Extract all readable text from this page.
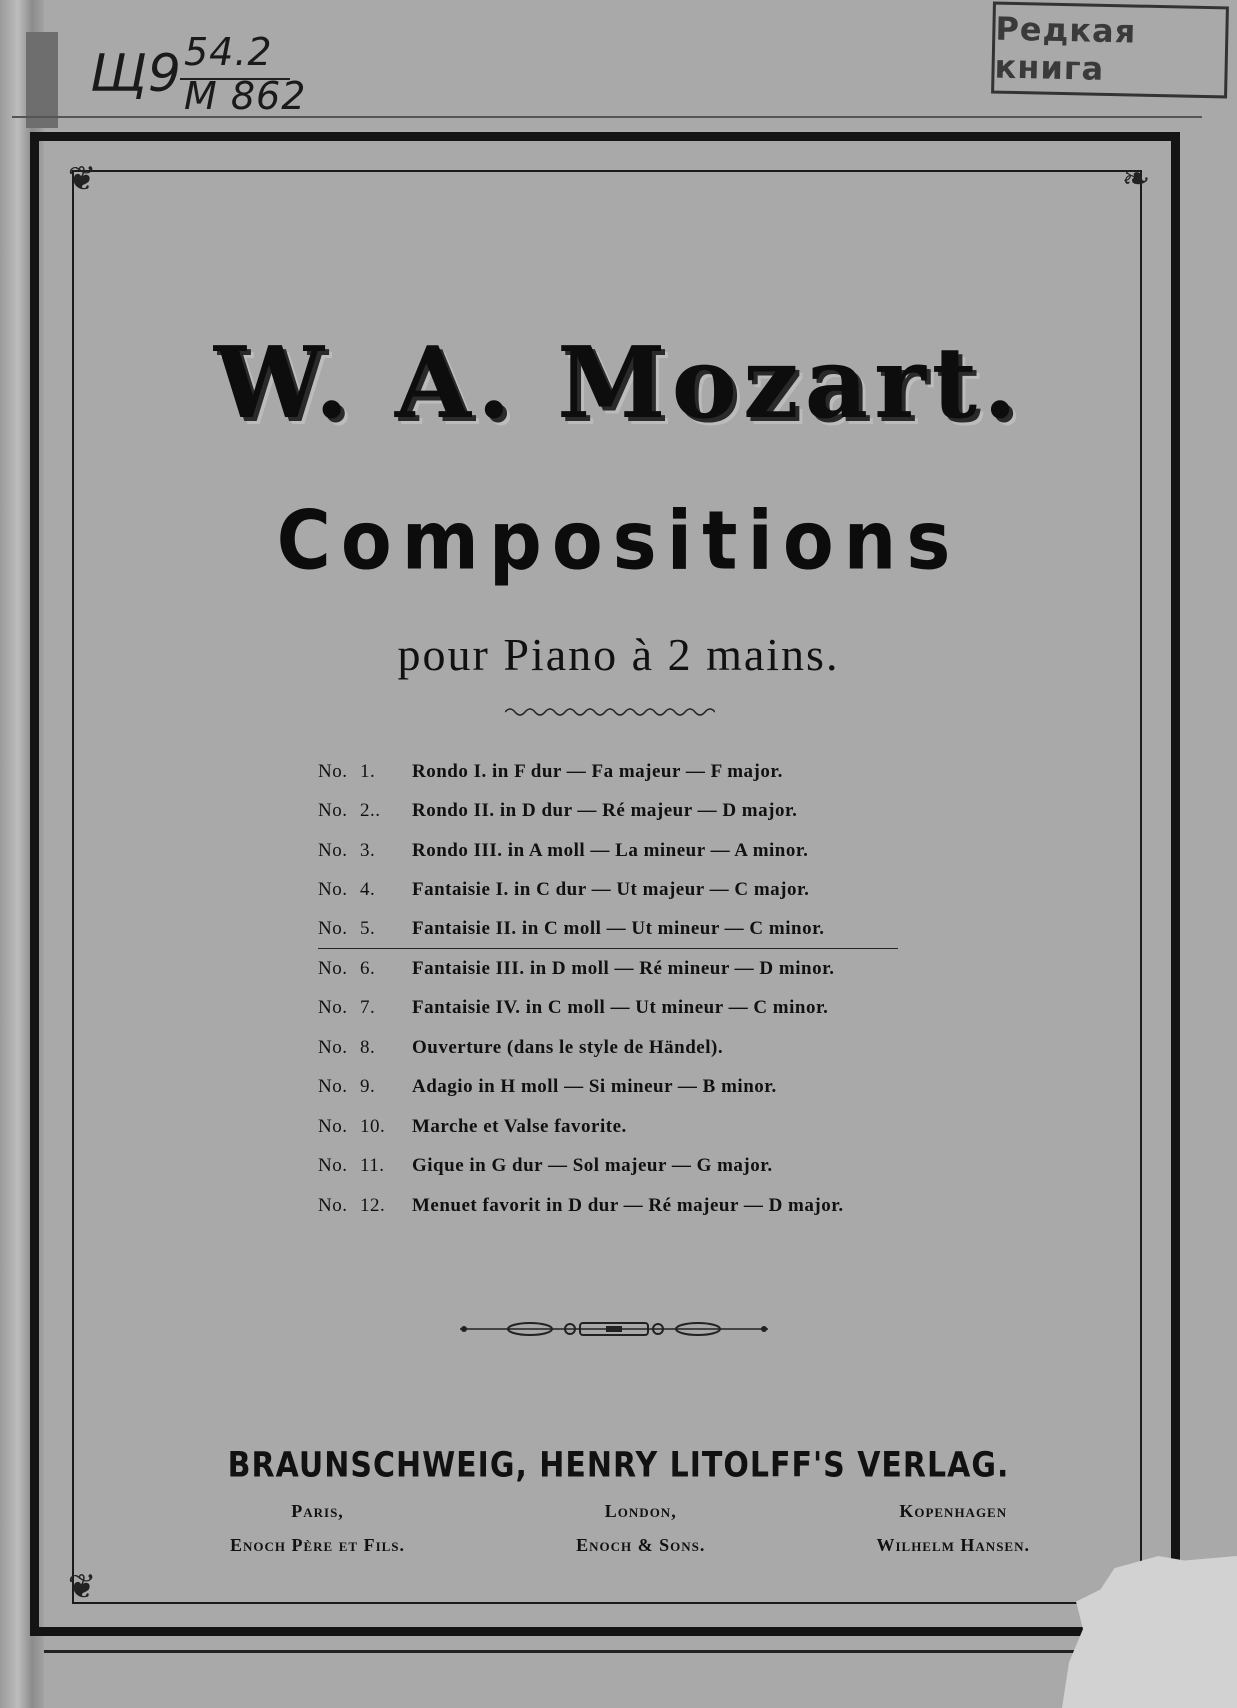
Щ9 54.2
М 862
Редкая книга
❦	❧
❦
W. A. Mozart.
Compositions
pour Piano à 2 mains.
No. 1.	Rondo I. in F dur — Fa majeur — F major.
No. 2..	Rondo II. in D dur — Ré majeur — D major.
No. 3.	Rondo III. in A moll — La mineur — A minor.
No. 4.	Fantaisie I. in C dur — Ut majeur — C major.
No. 5.	Fantaisie II. in C moll — Ut mineur — C minor.
No. 6.	Fantaisie III. in D moll — Ré mineur — D minor.
No. 7.	Fantaisie IV. in C moll — Ut mineur — C minor.
No. 8.	Ouverture (dans le style de Händel).
No. 9.	Adagio in H moll — Si mineur — B minor.
No. 10.	Marche et Valse favorite.
No. 11.	Gique in G dur — Sol majeur — G major.
No. 12.	Menuet favorit in D dur — Ré majeur — D major.
BRAUNSCHWEIG, HENRY LITOLFF'S VERLAG.
Paris,
Enoch Père et Fils.
London,
Enoch & Sons.
Kopenhagen
Wilhelm Hansen.
